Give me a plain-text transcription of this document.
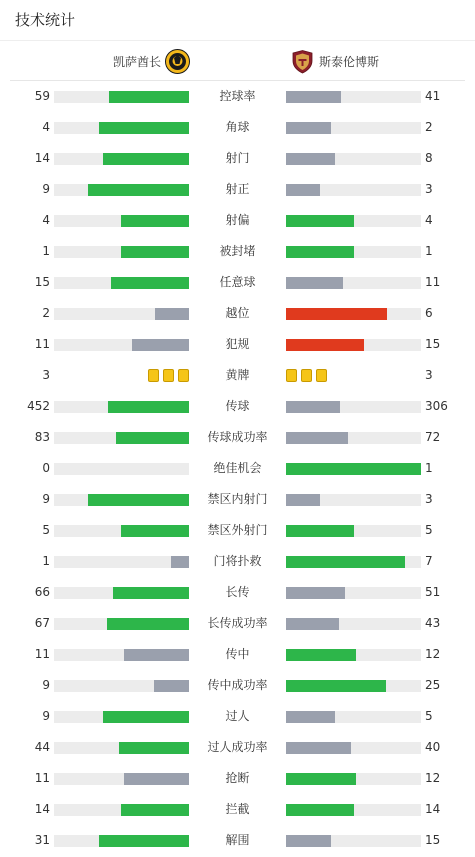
技术统计
凯萨酋长	斯泰伦博斯
59	控球率	41
4	角球	2
14	射门	8
9	射正	3
4	射偏	4
1	被封堵	1
15	任意球	11
2	越位	6
11	犯规	15
3	黄牌	3
452	传球	306
83	传球成功率	72
0	绝佳机会	1
9	禁区内射门	3
5	禁区外射门	5
1	门将扑救	7
66	长传	51
67	长传成功率	43
11	传中	12
9	传中成功率	25
9	过人	5
44	过人成功率	40
11	抢断	12
14	拦截	14
31	解围	15
